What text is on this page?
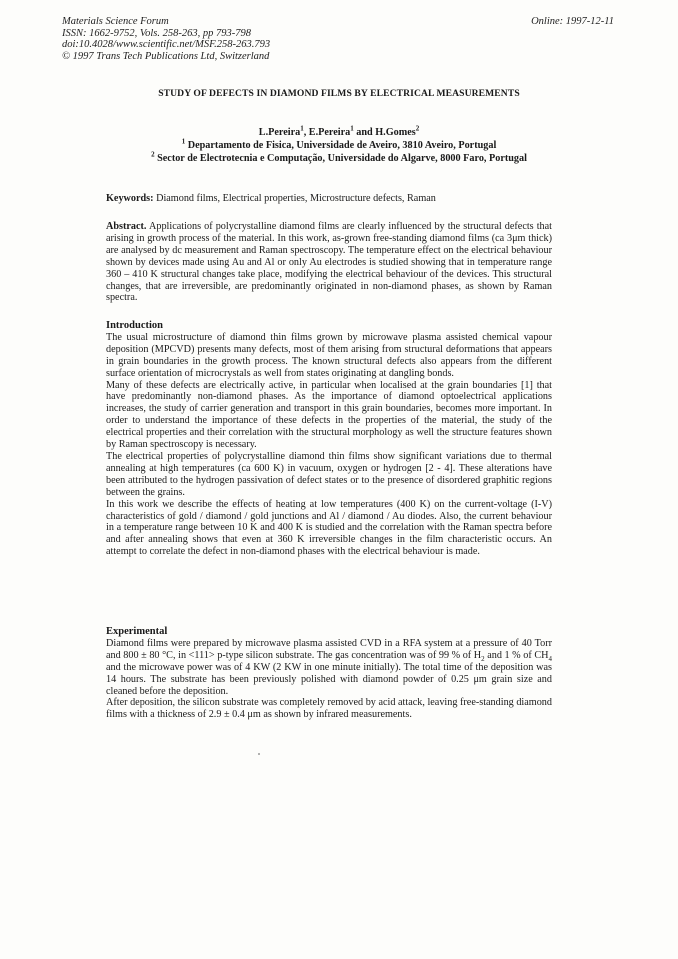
Materials Science Forum
ISSN: 1662-9752, Vols. 258-263, pp 793-798
doi:10.4028/www.scientific.net/MSF.258-263.793
© 1997 Trans Tech Publications Ltd, Switzerland
Online: 1997-12-11
STUDY OF DEFECTS IN DIAMOND FILMS BY ELECTRICAL MEASUREMENTS
L.Pereira$^1$, E.Pereira$^1$ and H.Gomes$^2$
$^1$ Departamento de Fisica, Universidade de Aveiro, 3810 Aveiro, Portugal
$^2$ Sector de Electrotecnia e Computação, Universidade do Algarve, 8000 Faro, Portugal
Keywords: Diamond films, Electrical properties, Microstructure defects, Raman
Abstract. Applications of polycrystalline diamond films are clearly influenced by the structural defects that arising in growth process of the material. In this work, as-grown free-standing diamond films (ca 3μm thick) are analysed by dc measurement and Raman spectroscopy. The temperature effect on the electrical behaviour shown by devices made using Au and Al or only Au electrodes is studied showing that in temperature range 360 – 410 K structural changes take place, modifying the electrical behaviour of the devices. This structural changes, that are irreversible, are predominantly originated in non-diamond phases, as shown by Raman spectra.
Introduction

The usual microstructure of diamond thin films grown by microwave plasma assisted chemical vapour deposition (MPCVD) presents many defects, most of them arising from structural deformations that appears in grain boundaries in the growth process. The known structural defects also appears from the different surface orientation of microcrystals as well from states originating at dangling bonds.

Many of these defects are electrically active, in particular when localised at the grain boundaries [1] that have predominantly non-diamond phases. As the importance of diamond optoelectrical applications increases, the study of carrier generation and transport in this grain boundaries, becomes more important. In order to understand the importance of these defects in the properties of the material, the study of the electrical properties and their correlation with the structural morphology as well the structure features shown by Raman spectroscopy is necessary.

The electrical properties of polycrystalline diamond thin films show significant variations due to thermal annealing at high temperatures (ca 600 K) in vacuum, oxygen or hydrogen [2 - 4]. These alterations have been attributed to the hydrogen passivation of defect states or to the presence of disordered graphitic regions between the grains.

In this work we describe the effects of heating at low temperatures (400 K) on the current-voltage (I-V) characteristics of gold / diamond / gold junctions and Al / diamond / Au diodes. Also, the current behaviour in a temperature range between 10 K and 400 K is studied and the correlation with the Raman spectra before and after annealing shows that even at 360 K irreversible changes in the film characteristic occurs. An attempt to correlate the defect in non-diamond phases with the electrical behaviour is made.

Experimental

Diamond films were prepared by microwave plasma assisted CVD in a RFA system at a pressure of 40 Torr and 800 ± 80 °C, in <111> p-type silicon substrate. The gas concentration was of 99 % of $H_2$ and 1 % of $CH_4$ and the microwave power was of 4 KW (2 KW in one minute initially). The total time of the deposition was 14 hours. The substrate has been previously polished with diamond powder of 0.25 μm grain size and cleaned before the deposition.

After deposition, the silicon substrate was completely removed by acid attack, leaving free-standing diamond films with a thickness of 2.9 ± 0.4 μm as shown by infrared measurements.
